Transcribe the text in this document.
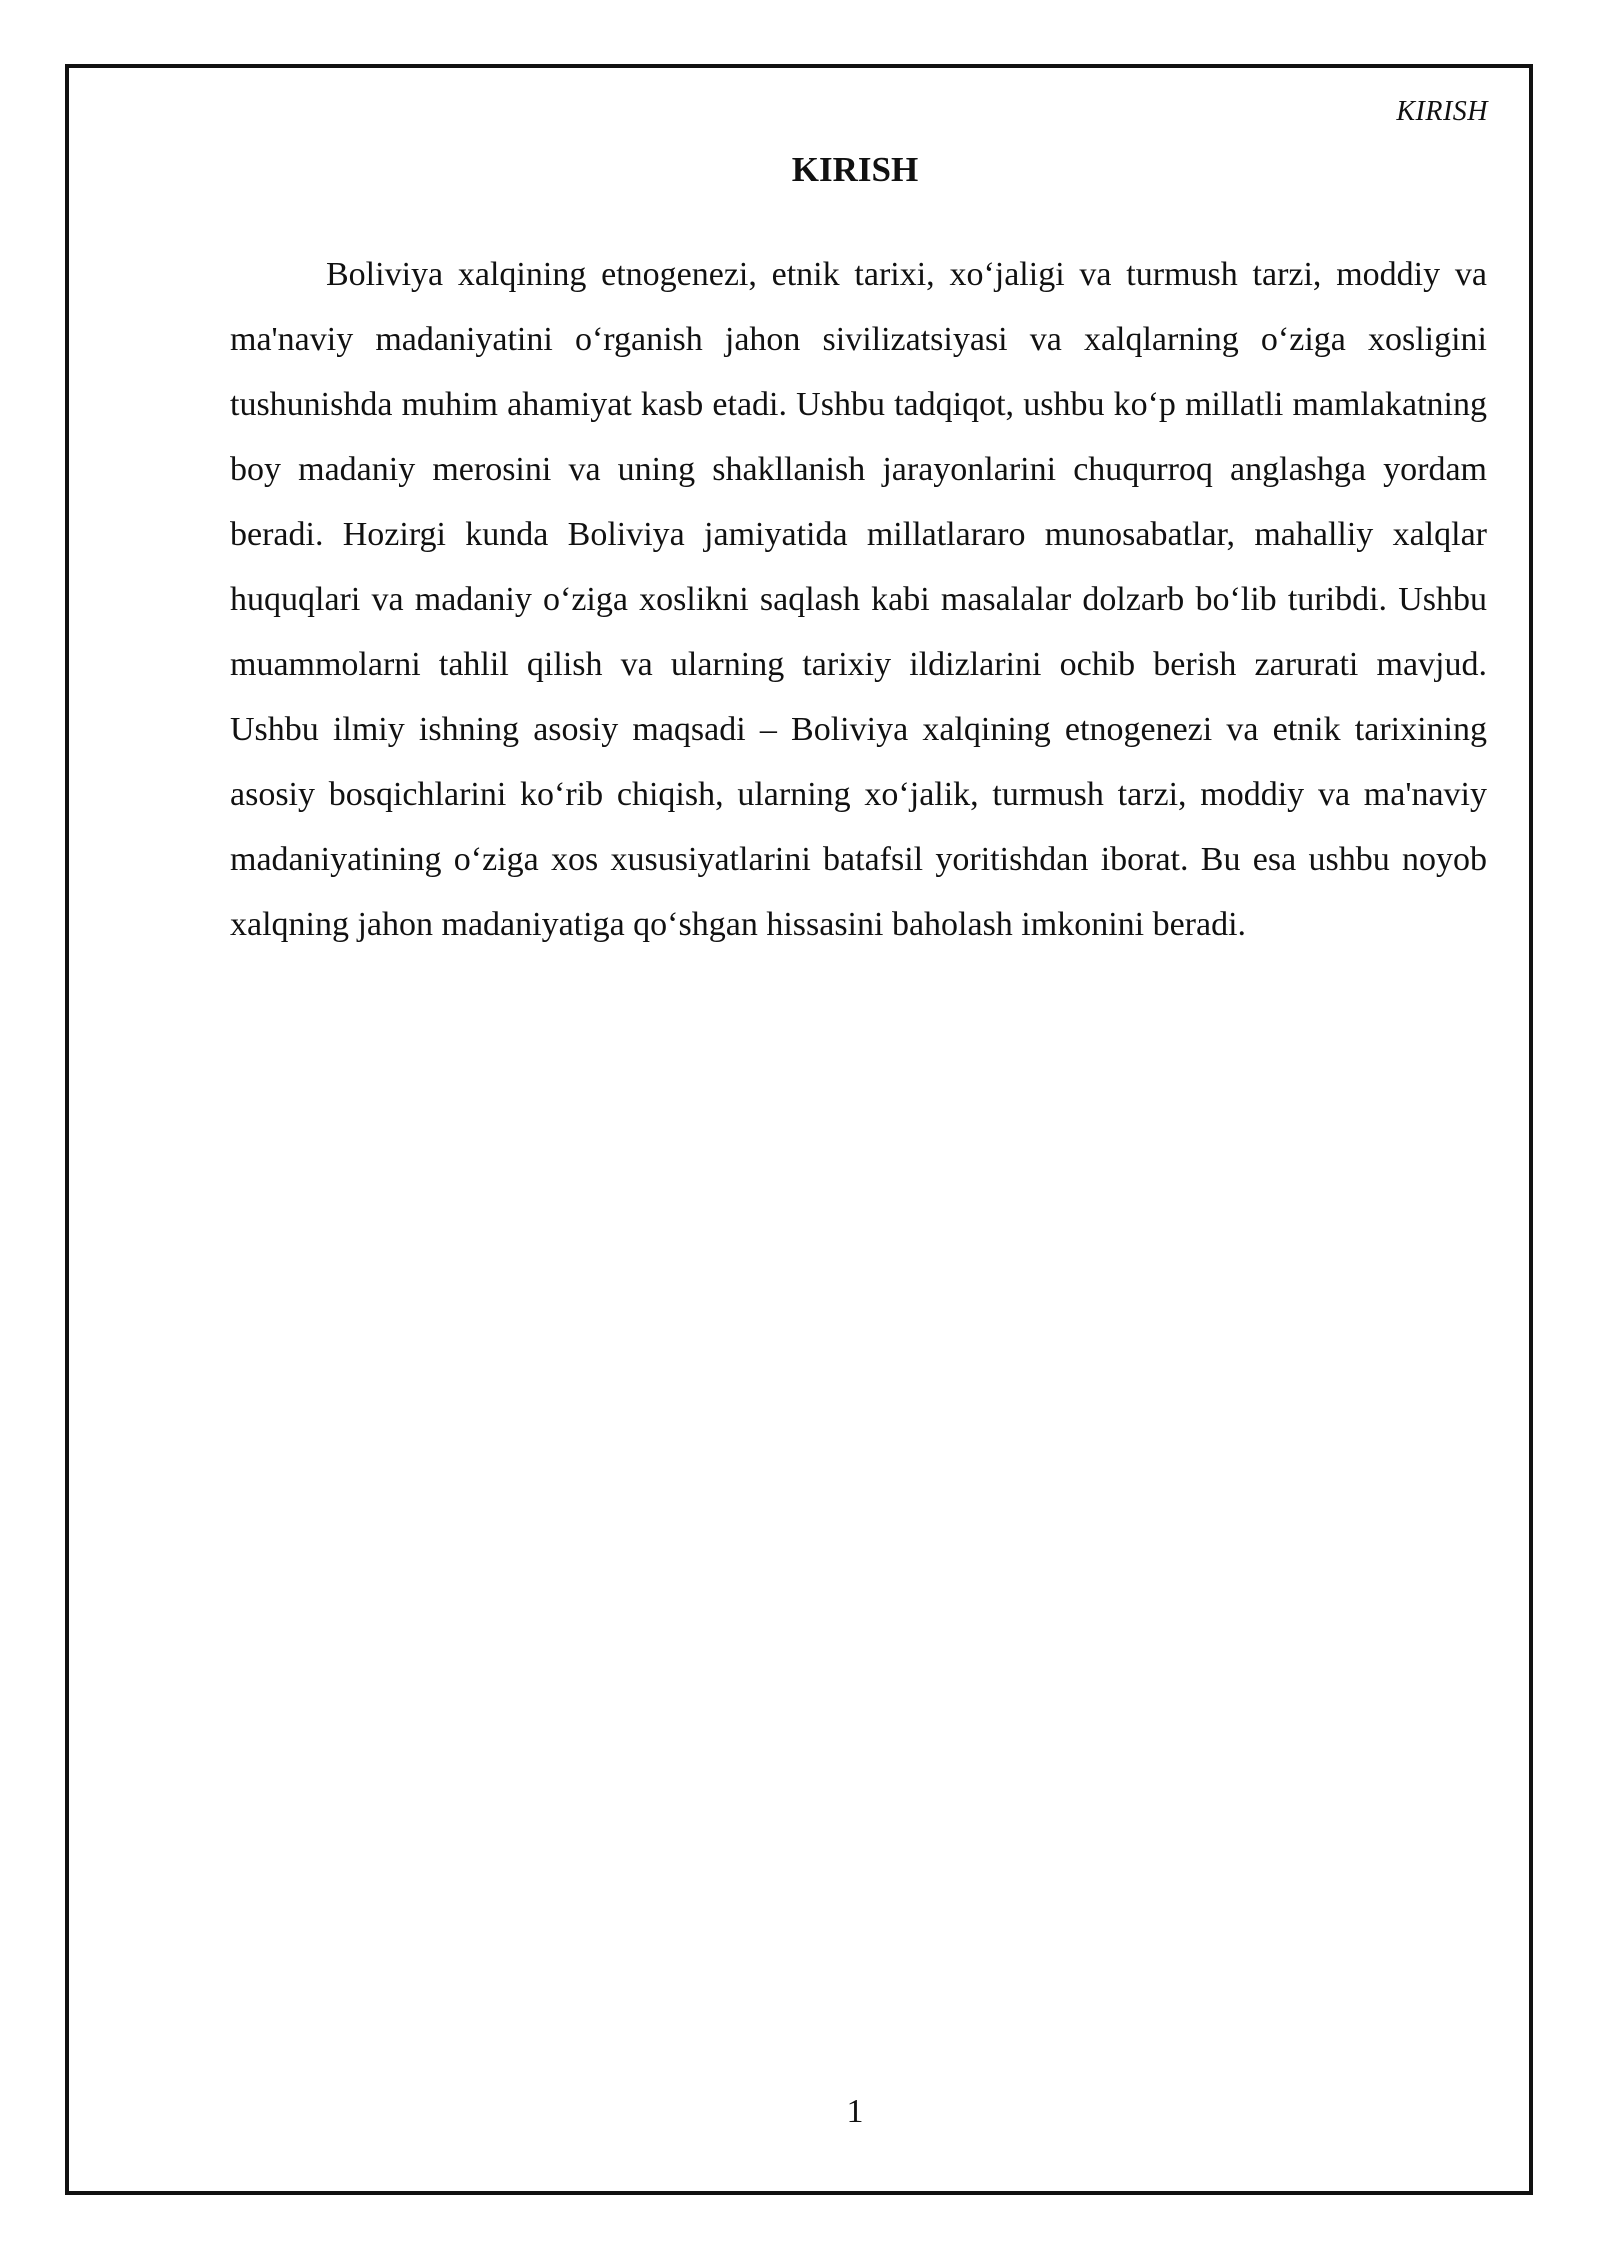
KIRISH
KIRISH

Boliviya xalqining etnogenezi, etnik tarixi, xo‘jaligi va turmush tarzi, moddiy va ma'naviy madaniyatini o‘rganish jahon sivilizatsiyasi va xalqlarning o‘ziga xosligini tushunishda muhim ahamiyat kasb etadi. Ushbu tadqiqot, ushbu ko‘p millatli mamlakatning boy madaniy merosini va uning shakllanish jarayonlarini chuqurroq anglashga yordam beradi. Hozirgi kunda Boliviya jamiyatida millatlararo munosabatlar, mahalliy xalqlar huquqlari va madaniy o‘ziga xoslikni saqlash kabi masalalar dolzarb bo‘lib turibdi. Ushbu muammolarni tahlil qilish va ularning tarixiy ildizlarini ochib berish zarurati mavjud. Ushbu ilmiy ishning asosiy maqsadi – Boliviya xalqining etnogenezi va etnik tarixining asosiy bosqichlarini ko‘rib chiqish, ularning xo‘jalik, turmush tarzi, moddiy va ma'naviy madaniyatining o‘ziga xos xususiyatlarini batafsil yoritishdan iborat. Bu esa ushbu noyob xalqning jahon madaniyatiga qo‘shgan hissasini baholash imkonini beradi.

1
